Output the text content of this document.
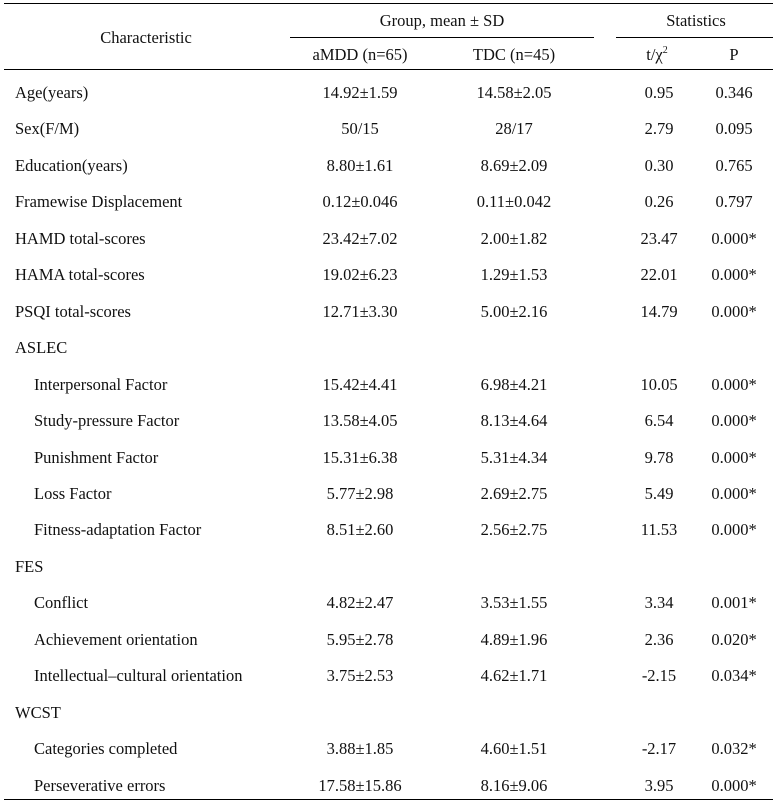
Characteristic
Group, mean ± SD	Statistics
aMDD (n=65)	TDC (n=45)	$t/\chi^2$	P
Age(years)	14.92±1.59	14.58±2.05	0.95	0.346
Sex(F/M)	50/15	28/17	2.79	0.095
Education(years)	8.80±1.61	8.69±2.09	0.30	0.765
Framewise Displacement	0.12±0.046	0.11±0.042	0.26	0.797
HAMD total-scores	23.42±7.02	2.00±1.82	23.47 0.000*
HAMA total-scores	19.02±6.23	1.29±1.53	22.01 0.000*
PSQI total-scores	12.71±3.30	5.00±2.16	14.79 0.000*
ASLEC
Interpersonal Factor	15.42±4.41	6.98±4.21	10.05 0.000*
Study-pressure Factor	13.58±4.05	8.13±4.64	6.54 0.000*
Punishment Factor	15.31±6.38	5.31±4.34	9.78 0.000*
Loss Factor	5.77±2.98	2.69±2.75	5.49 0.000*
Fitness-adaptation Factor	8.51±2.60	2.56±2.75	11.53 0.000*
FES
Conflict	4.82±2.47	3.53±1.55	3.34 0.001*
Achievement orientation	5.95±2.78	4.89±1.96	2.36 0.020*
Intellectual–cultural orientation	3.75±2.53	4.62±1.71	-2.15 0.034*
WCST
Categories completed	3.88±1.85	4.60±1.51	-2.17 0.032*
Perseverative errors	17.58±15.86	8.16±9.06	3.95 0.000*
